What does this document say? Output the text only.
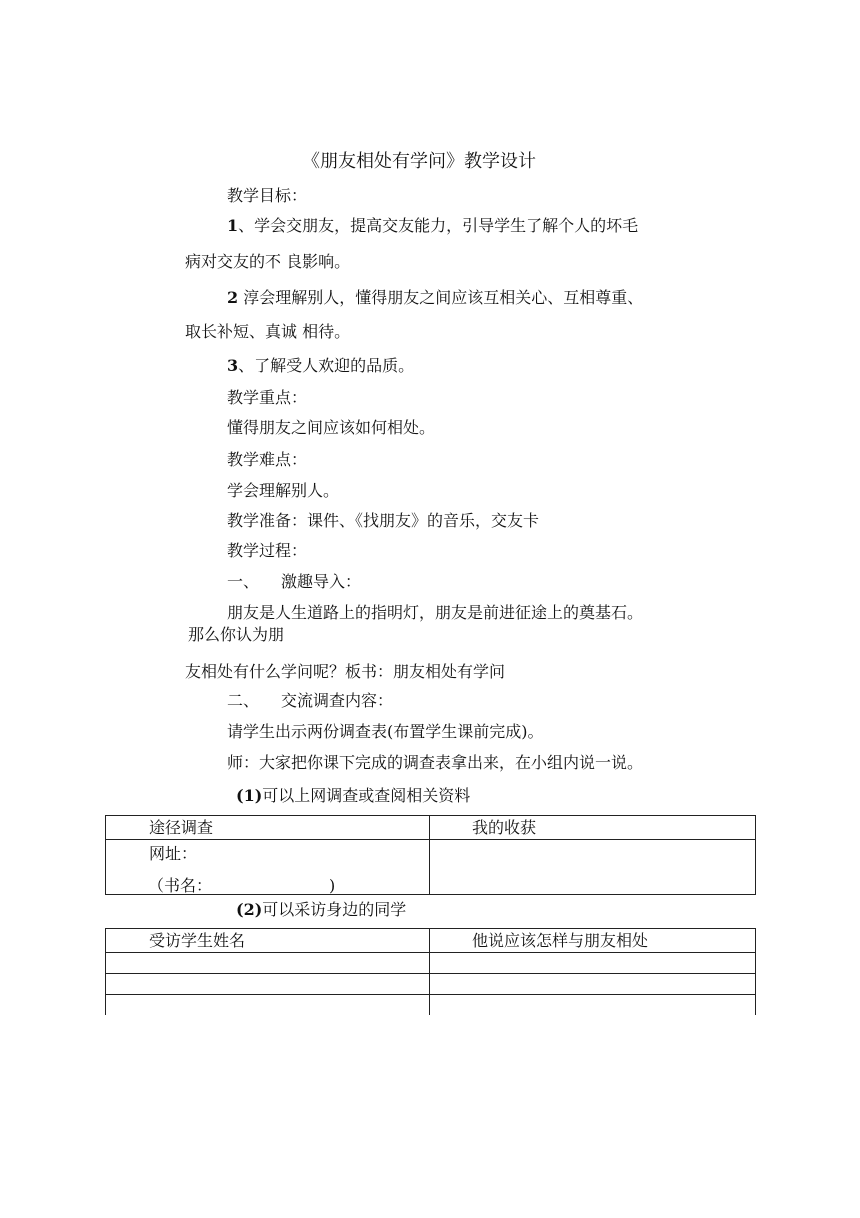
《朋友相处有学问》教学设计
教学目标：
1、学会交朋友，提高交友能力，引导学生了解个人的坏毛
病对交友的不 良影响。
2 淳会理解别人，懂得朋友之间应该互相关心、互相尊重、
取长补短、真诚 相待。
3、了解受人欢迎的品质。
教学重点：
懂得朋友之间应该如何相处。
教学难点：
学会理解别人。
教学准备：课件、《找朋友》的音乐，交友卡
教学过程：
一、 激趣导入：
朋友是人生道路上的指明灯，朋友是前进征途上的奠基石。
那么你认为朋
友相处有什么学问呢？板书：朋友相处有学问
二、 交流调查内容：
请学生出示两份调查表(布置学生课前完成)。
师：大家把你课下完成的调查表拿出来，在小组内说一说。
(1)可以上网调查或查阅相关资料
途径调查	我的收获

网址：
（书名： )	

(2)可以采访身边的同学
受访学生姓名	他说应该怎样与朋友相处
